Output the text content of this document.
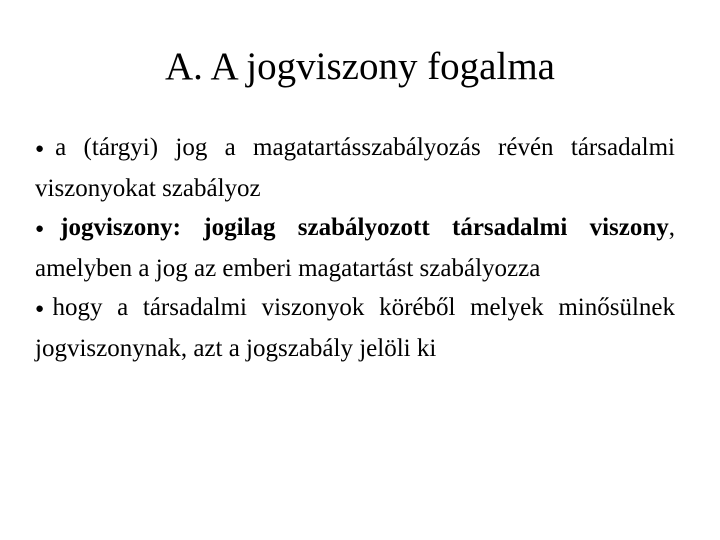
A. A jogviszony fogalma

●a (tárgyi) jog a magatartásszabályozás révén társadalmi viszonyokat szabályoz

●jogviszony: jogilag szabályozott társadalmi viszony, amelyben a jog az emberi magatartást szabályozza

●hogy a társadalmi viszonyok köréből melyek minősülnek jogviszonynak, azt a jogszabály jelöli ki
